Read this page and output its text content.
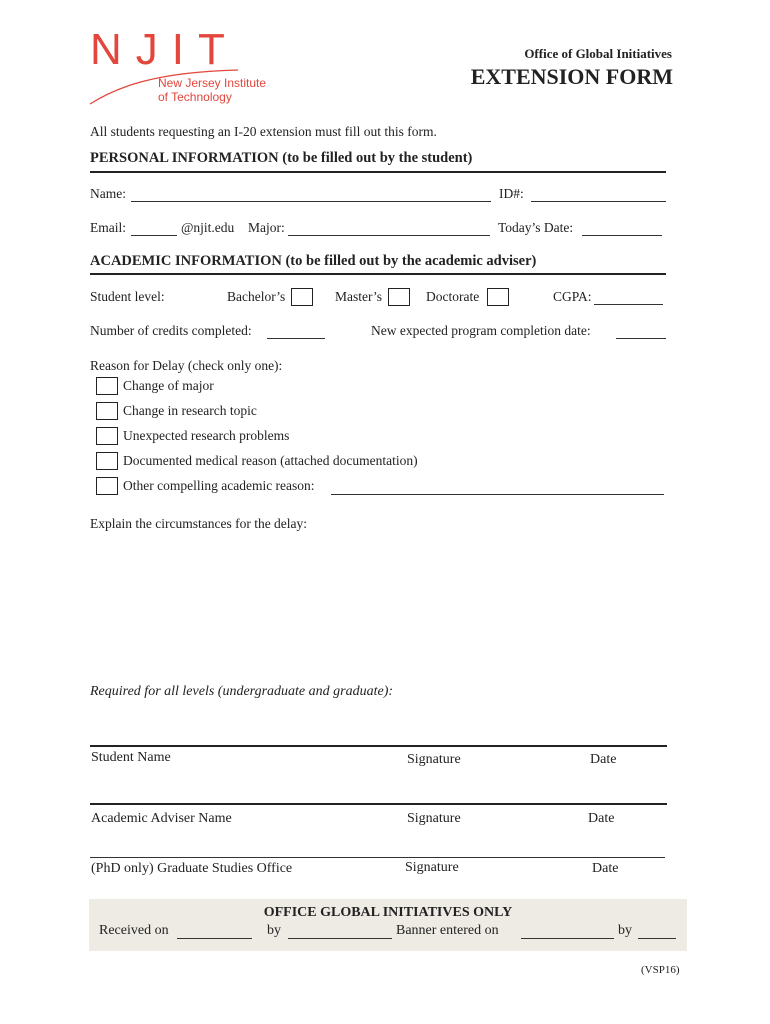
NJIT
New Jersey Institute
of Technology
Office of Global Initiatives
EXTENSION FORM
All students requesting an I-20 extension must fill out this form.
PERSONAL INFORMATION (to be filled out by the student)
Name:	ID#:
Email:	@njit.edu Major:	Today’s Date:
ACADEMIC INFORMATION (to be filled out by the academic adviser)
Student level:	Bachelor’s	Master’s	Doctorate	CGPA:
Number of credits completed:	New expected program completion date:
Reason for Delay (check only one):
Change of major
Change in research topic
Unexpected research problems
Documented medical reason (attached documentation)
Other compelling academic reason:
Explain the circumstances for the delay:
Required for all levels (undergraduate and graduate):
Student Name	Signature	Date
Academic Adviser Name	Signature	Date
(PhD only) Graduate Studies Office	Signature	Date
OFFICE GLOBAL INITIATIVES ONLY
Received on	by	Banner entered on	by
(VSP16)
